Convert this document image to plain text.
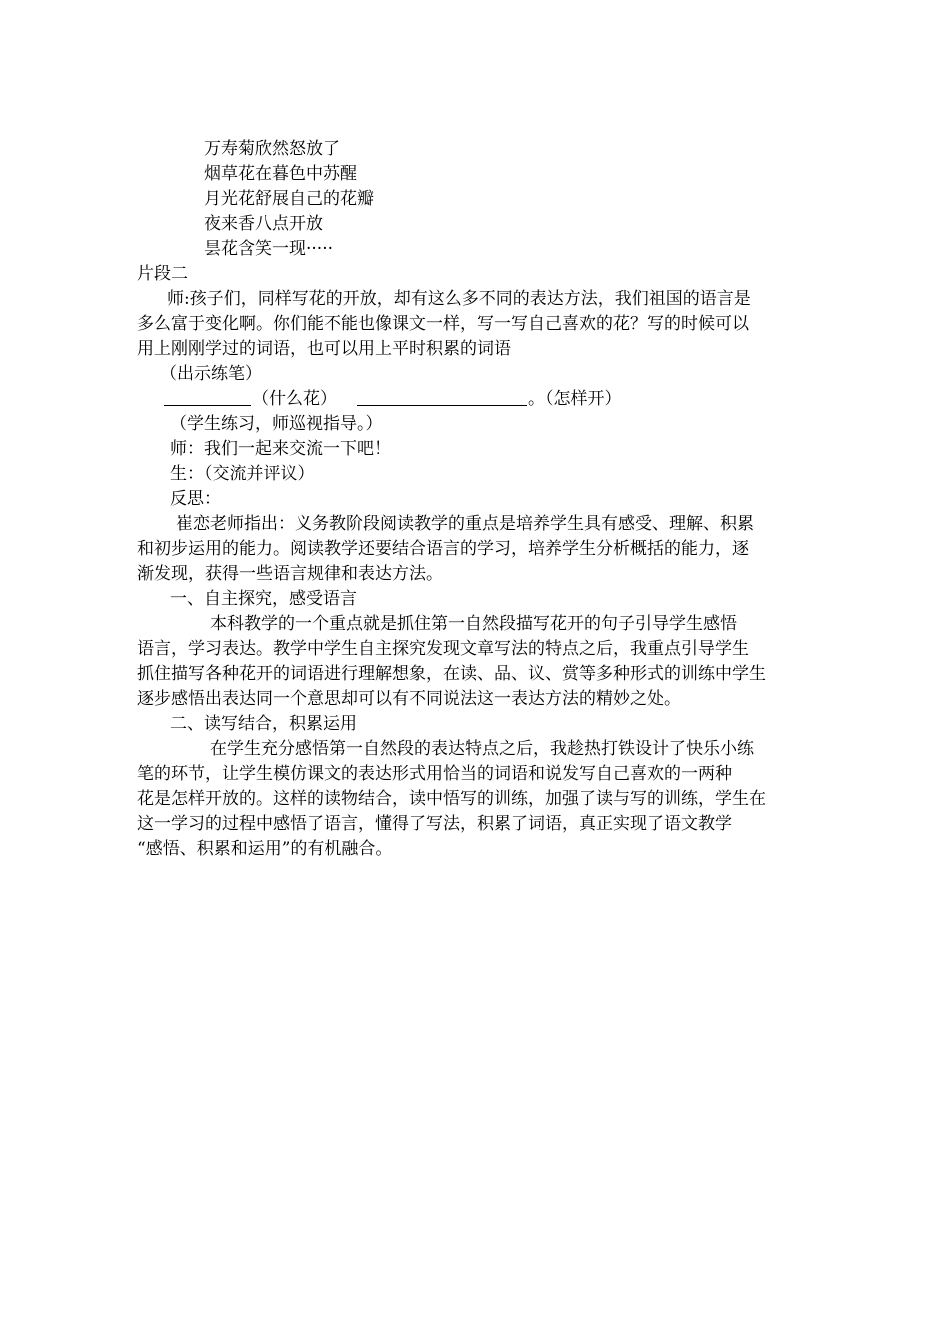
万寿菊欣然怒放了
烟草花在暮色中苏醒
月光花舒展自己的花瓣
夜来香八点开放
昙花含笑一现·····
片段二
师:孩子们，同样写花的开放，却有这么多不同的表达方法，我们祖国的语言是
多么富于变化啊。你们能不能也像课文一样，写一写自己喜欢的花？写的时候可以
用上刚刚学过的词语，也可以用上平时积累的词语
（出示练笔）
（什么花）	。（怎样开）
（学生练习，师巡视指导。）
师：我们一起来交流一下吧！
生：（交流并评议）
反思：
崔恋老师指出：义务教阶段阅读教学的重点是培养学生具有感受、理解、积累
和初步运用的能力。阅读教学还要结合语言的学习，培养学生分析概括的能力，逐
渐发现，获得一些语言规律和表达方法。
一、自主探究，感受语言
本科教学的一个重点就是抓住第一自然段描写花开的句子引导学生感悟
语言，学习表达。教学中学生自主探究发现文章写法的特点之后，我重点引导学生
抓住描写各种花开的词语进行理解想象，在读、品、议、赏等多种形式的训练中学生
逐步感悟出表达同一个意思却可以有不同说法这一表达方法的精妙之处。
二、读写结合，积累运用
在学生充分感悟第一自然段的表达特点之后，我趁热打铁设计了快乐小练
笔的环节，让学生模仿课文的表达形式用恰当的词语和说发写自己喜欢的一两种
花是怎样开放的。这样的读物结合，读中悟写的训练，加强了读与写的训练，学生在
这一学习的过程中感悟了语言，懂得了写法，积累了词语，真正实现了语文教学
“感悟、积累和运用”的有机融合。
